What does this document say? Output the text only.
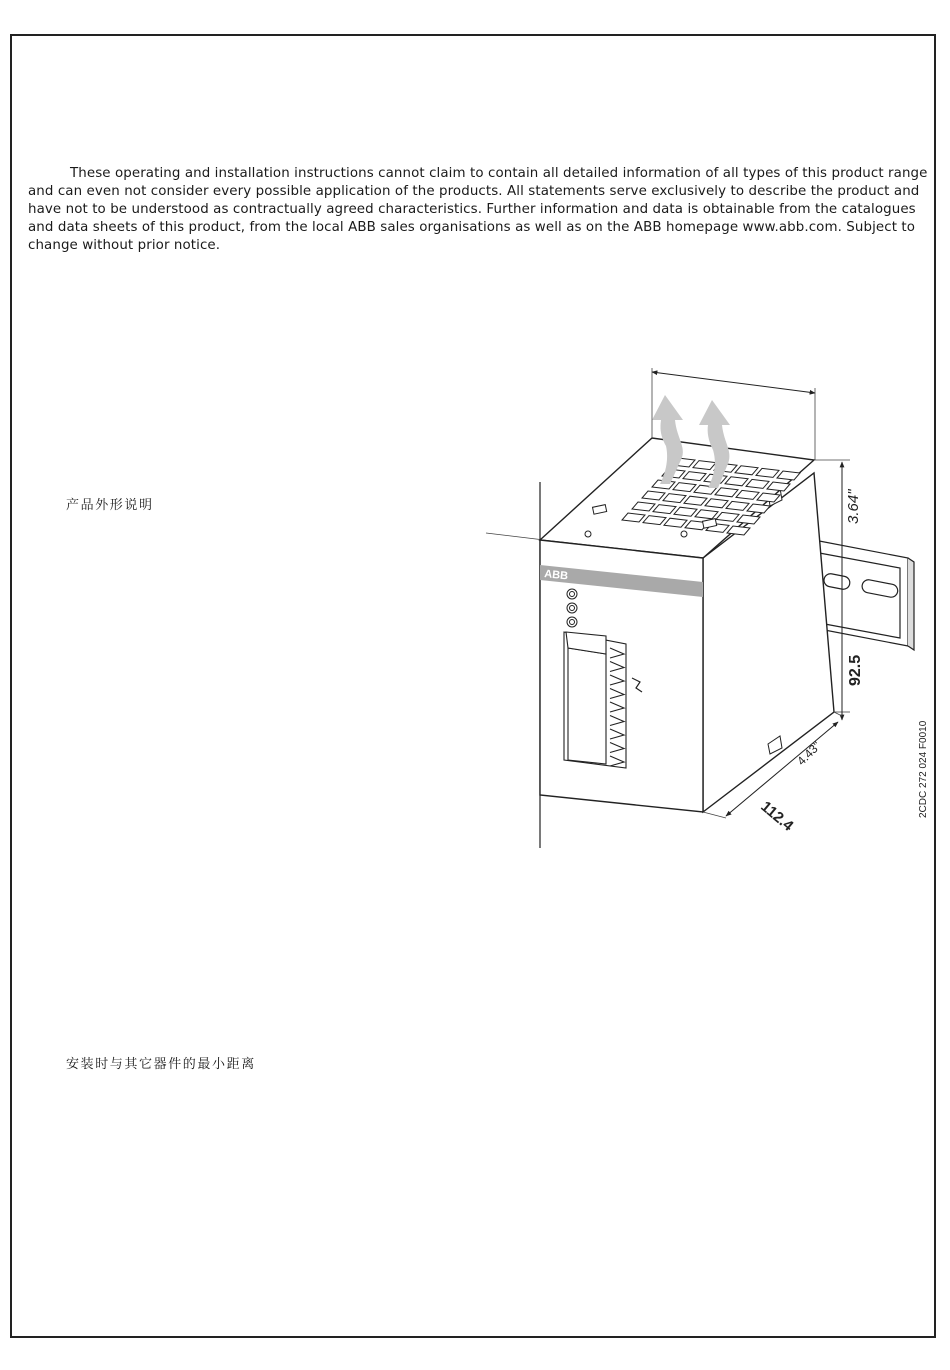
These operating and installation instructions cannot claim to contain all detailed information of all types of this product range and can even not consider every possible application of the products. All statements serve exclusively to describe the product and have not to be understood as contractually agreed characteristics. Further information and data is obtainable from the catalogues and data sheets of this product, from the local ABB sales organisations as well as on the ABB homepage www.abb.com. Subject to change without prior notice.

产品外形说明
ABB
3.64"
92.5
112.4
4.43"	2CDC 272 024 F0010
安装时与其它器件的最小距离
